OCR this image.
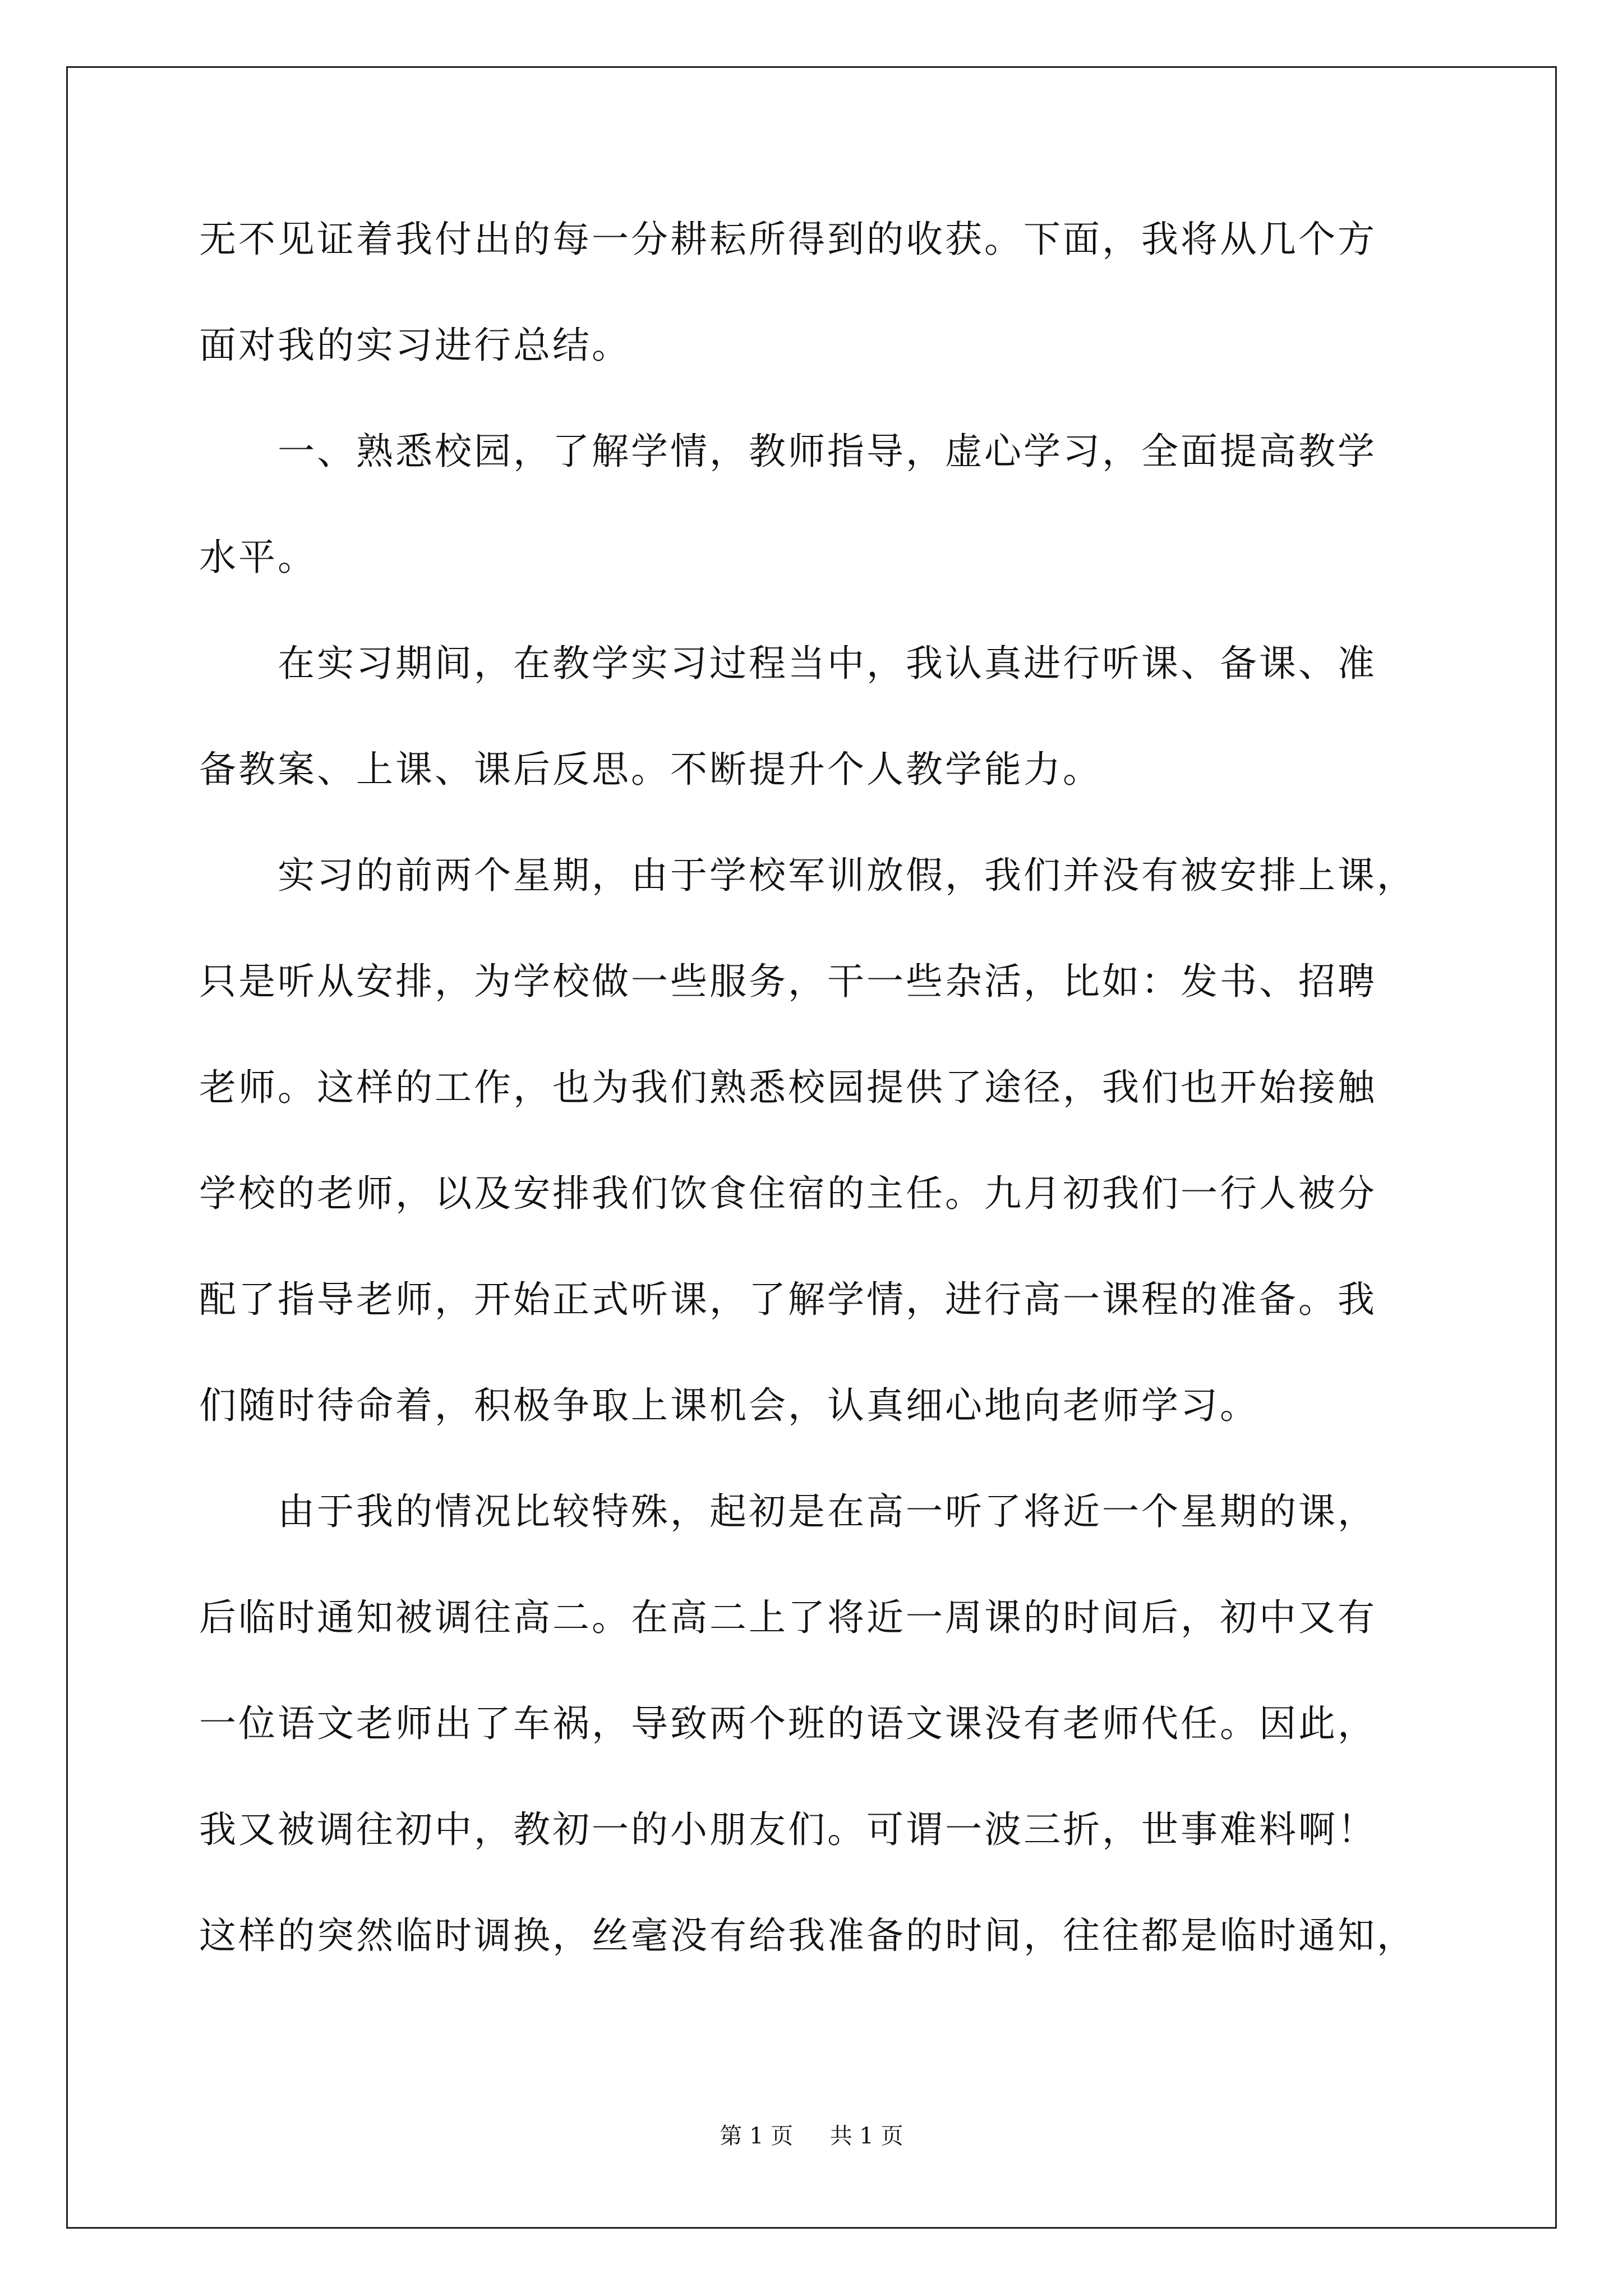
无不见证着我付出的每一分耕耘所得到的收获。下面，我将从几个方
面对我的实习进行总结。
　　一、熟悉校园，了解学情，教师指导，虚心学习，全面提高教学
水平。
　　在实习期间，在教学实习过程当中，我认真进行听课、备课、准
备教案、上课、课后反思。不断提升个人教学能力。
　　实习的前两个星期，由于学校军训放假，我们并没有被安排上课，
只是听从安排，为学校做一些服务，干一些杂活，比如：发书、招聘
老师。这样的工作，也为我们熟悉校园提供了途径，我们也开始接触
学校的老师，以及安排我们饮食住宿的主任。九月初我们一行人被分
配了指导老师，开始正式听课，了解学情，进行高一课程的准备。我
们随时待命着，积极争取上课机会，认真细心地向老师学习。
　　由于我的情况比较特殊，起初是在高一听了将近一个星期的课，
后临时通知被调往高二。在高二上了将近一周课的时间后，初中又有
一位语文老师出了车祸，导致两个班的语文课没有老师代任。因此，
我又被调往初中，教初一的小朋友们。可谓一波三折，世事难料啊！
这样的突然临时调换，丝毫没有给我准备的时间，往往都是临时通知，
第 1 页 共 1 页
